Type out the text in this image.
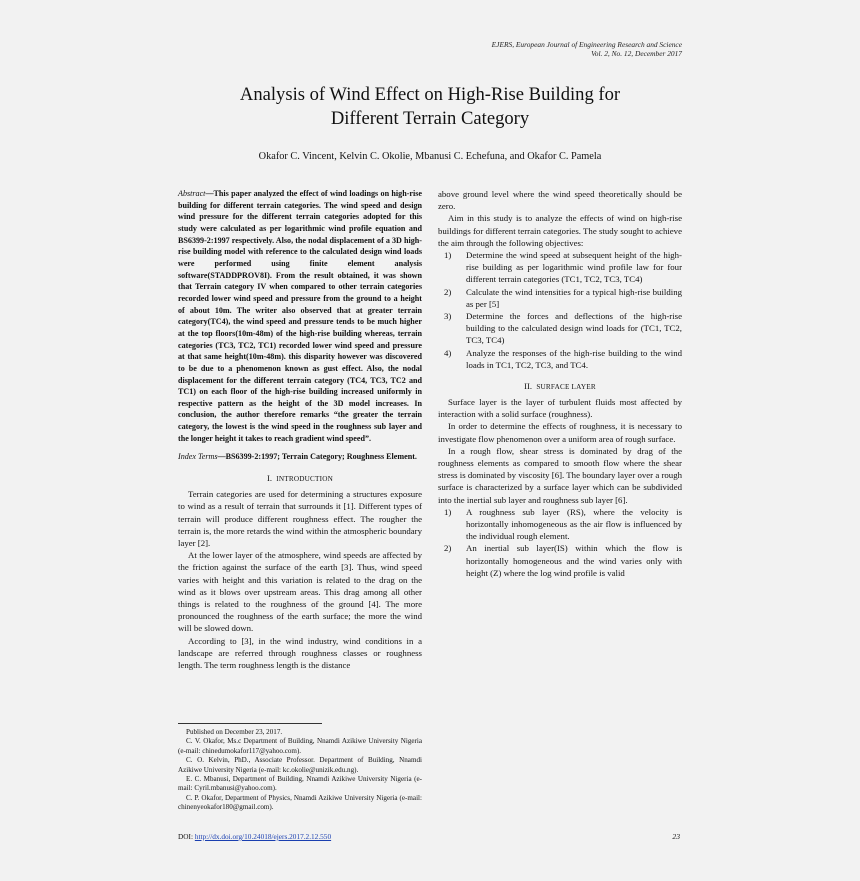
EJERS, European Journal of Engineering Research and Science
Vol. 2, No. 12, December 2017
Analysis of Wind Effect on High-Rise Building for
Different Terrain Category
Okafor C. Vincent, Kelvin C. Okolie, Mbanusi C. Echefuna, and Okafor C. Pamela

Abstract—This paper analyzed the effect of wind loadings on high-rise building for different terrain categories. The wind speed and design wind pressure for the different terrain categories adopted for this study were calculated as per logarithmic wind profile equation and BS6399-2:1997 respectively. Also, the nodal displacement of a 3D high-rise building model with reference to the calculated design wind loads were performed using finite element analysis software(STADDPROV8I). From the result obtained, it was shown that Terrain category IV when compared to other terrain categories recorded lower wind speed and pressure from the ground to a height of about 10m. The writer also observed that at greater terrain category(TC4), the wind speed and pressure tends to be much higher at the top floors(10m-48m) of the high-rise building whereas, terrain categories (TC3, TC2, TC1) recorded lower wind speed and pressure at that same height(10m-48m). this disparity however was discovered to be due to a phenomenon known as gust effect. Also, the nodal displacement for the different terrain category (TC4, TC3, TC2 and TC1) on each floor of the high-rise building increased uniformly in respective pattern as the height of the 3D model increases. In conclusion, the author therefore remarks “the greater the terrain category, the lowest is the wind speed in the roughness sub layer and the longer height it takes to reach gradient wind speed”.

Index Terms—BS6399-2:1997; Terrain Category; Roughness Element.

I. INTRODUCTION

Terrain categories are used for determining a structures exposure to wind as a result of terrain that surrounds it [1]. Different types of terrain will produce different roughness effect. The rougher the terrain is, the more retards the wind within the atmospheric boundary layer [2].

At the lower layer of the atmosphere, wind speeds are affected by the friction against the surface of the earth [3]. Thus, wind speed varies with height and this variation is related to the drag on the wind as it blows over upstream areas. This drag among all other things is related to the roughness of the ground [4]. The more pronounced the roughness of the earth surface; the more the wind will be slowed down.

According to [3], in the wind industry, wind conditions in a landscape are referred through roughness classes or roughness length. The term roughness length is the distance

above ground level where the wind speed theoretically should be zero.

Aim in this study is to analyze the effects of wind on high-rise buildings for different terrain categories. The study sought to achieve the aim through the following objectives:

1) Determine the wind speed at subsequent height of the high-rise building as per logarithmic wind profile law for four different terrain categories (TC1, TC2, TC3, TC4)
2) Calculate the wind intensities for a typical high-rise building as per [5]
3) Determine the forces and deflections of the high-rise building to the calculated design wind loads for (TC1, TC2, TC3, TC4)
4) Analyze the responses of the high-rise building to the wind loads in TC1, TC2, TC3, and TC4.
II. SURFACE LAYER

Surface layer is the layer of turbulent fluids most affected by interaction with a solid surface (roughness).

In order to determine the effects of roughness, it is necessary to investigate flow phenomenon over a uniform area of rough surface.

In a rough flow, shear stress is dominated by drag of the roughness elements as compared to smooth flow where the shear stress is dominated by viscosity [6]. The boundary layer over a rough surface is characterized by a surface layer which can be subdivided into the inertial sub layer and roughness sub layer [6].

1) A roughness sub layer (RS), where the velocity is horizontally inhomogeneous as the air flow is influenced by the individual rough element.
2) An inertial sub layer(IS) within which the flow is horizontally homogeneous and the wind varies only with height (Z) where the log wind profile is valid

Published on December 23, 2017.

C. V. Okafor, Ms.c Department of Building, Nnamdi Azikiwe University Nigeria (e-mail: chinedumokafor117@yahoo.com).

C. O. Kelvin, PhD., Associate Professor. Department of Building, Nnamdi Azikiwe University Nigeria (e-mail: kc.okolie@unizik.edu.ng).

E. C. Mbanusi, Department of Building, Nnamdi Azikiwe University Nigeria (e-mail: Cyril.mbanusi@yahoo.com).

C. P. Okafor, Department of Physics, Nnamdi Azikiwe University Nigeria (e-mail: chinenyeokafor180@gmail.com).

DOI: http://dx.doi.org/10.24018/ejers.2017.2.12.550	23
